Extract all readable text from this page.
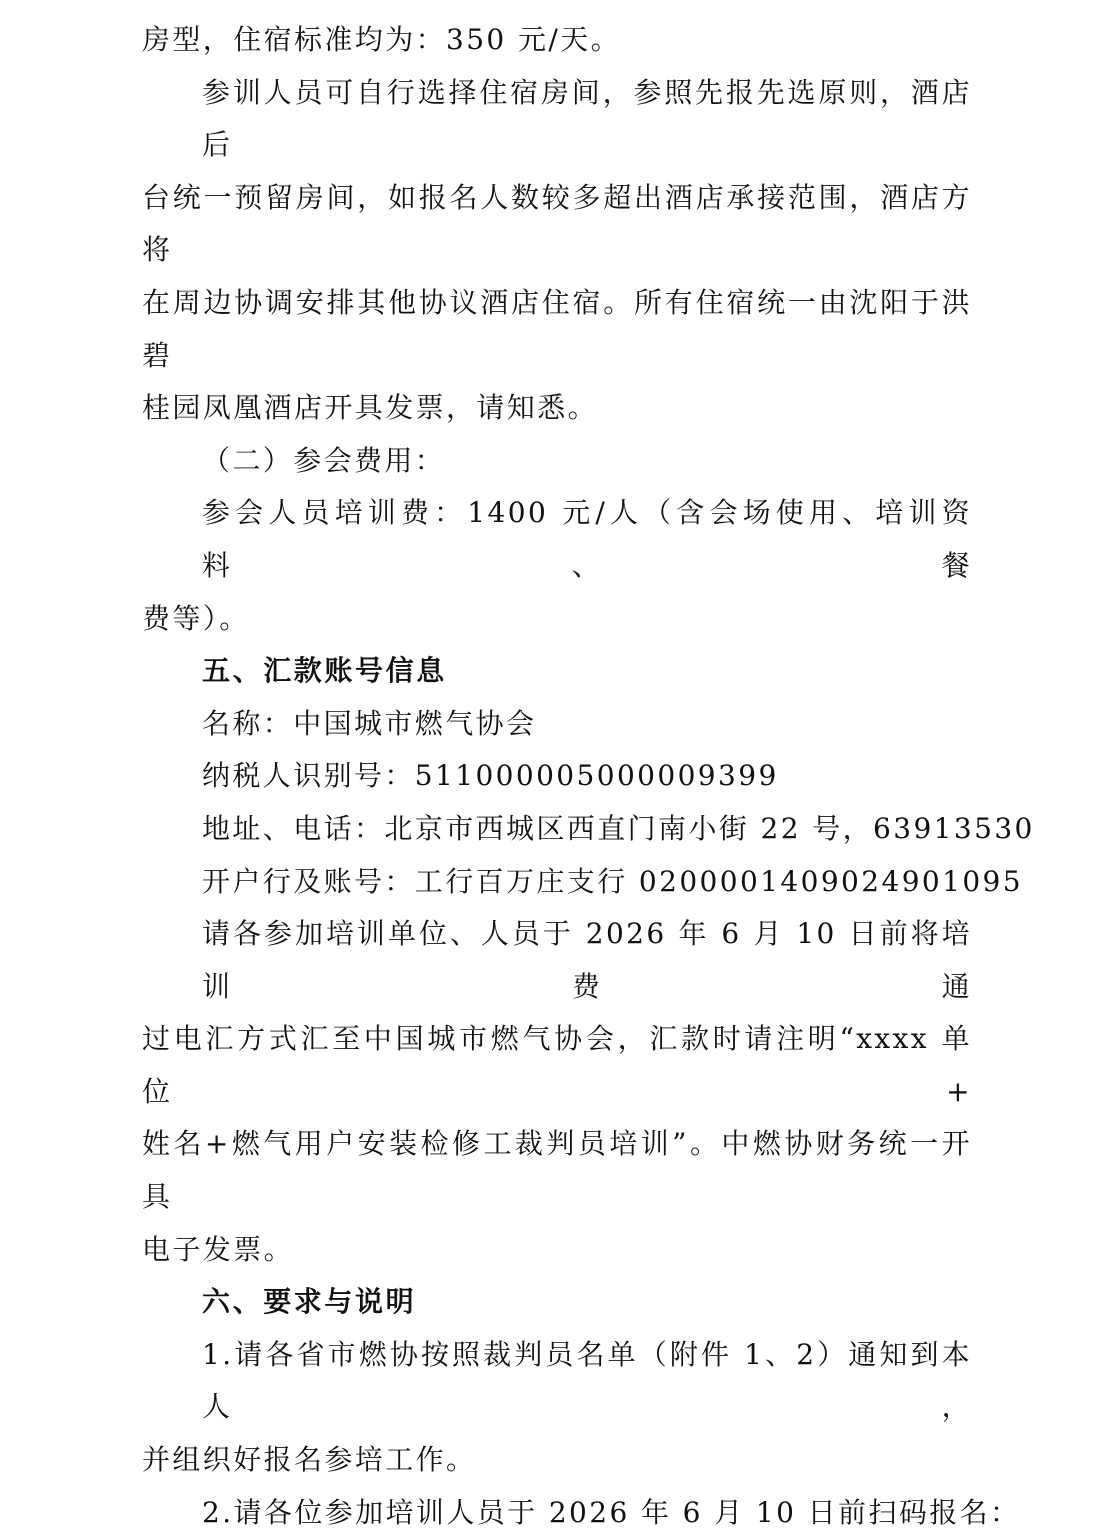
房型，住宿标准均为：350 元/天。

参训人员可自行选择住宿房间，参照先报先选原则，酒店后
台统一预留房间，如报名人数较多超出酒店承接范围，酒店方将
在周边协调安排其他协议酒店住宿。所有住宿统一由沈阳于洪碧
桂园凤凰酒店开具发票，请知悉。

（二）参会费用：

参会人员培训费：1400 元/人（含会场使用、培训资料、餐
费等）。

五、汇款账号信息

名称：中国城市燃气协会

纳税人识别号：511000005000009399

地址、电话：北京市西城区西直门南小街 22 号，63913530

开户行及账号：工行百万庄支行 0200001409024901095

请各参加培训单位、人员于 2026 年 6 月 10 日前将培训费通
过电汇方式汇至中国城市燃气协会，汇款时请注明“xxxx 单位+
姓名+燃气用户安装检修工裁判员培训”。中燃协财务统一开具
电子发票。

六、要求与说明

1.请各省市燃协按照裁判员名单（附件 1、2）通知到本人，
并组织好报名参培工作。

2.请各位参加培训人员于 2026 年 6 月 10 日前扫码报名：
